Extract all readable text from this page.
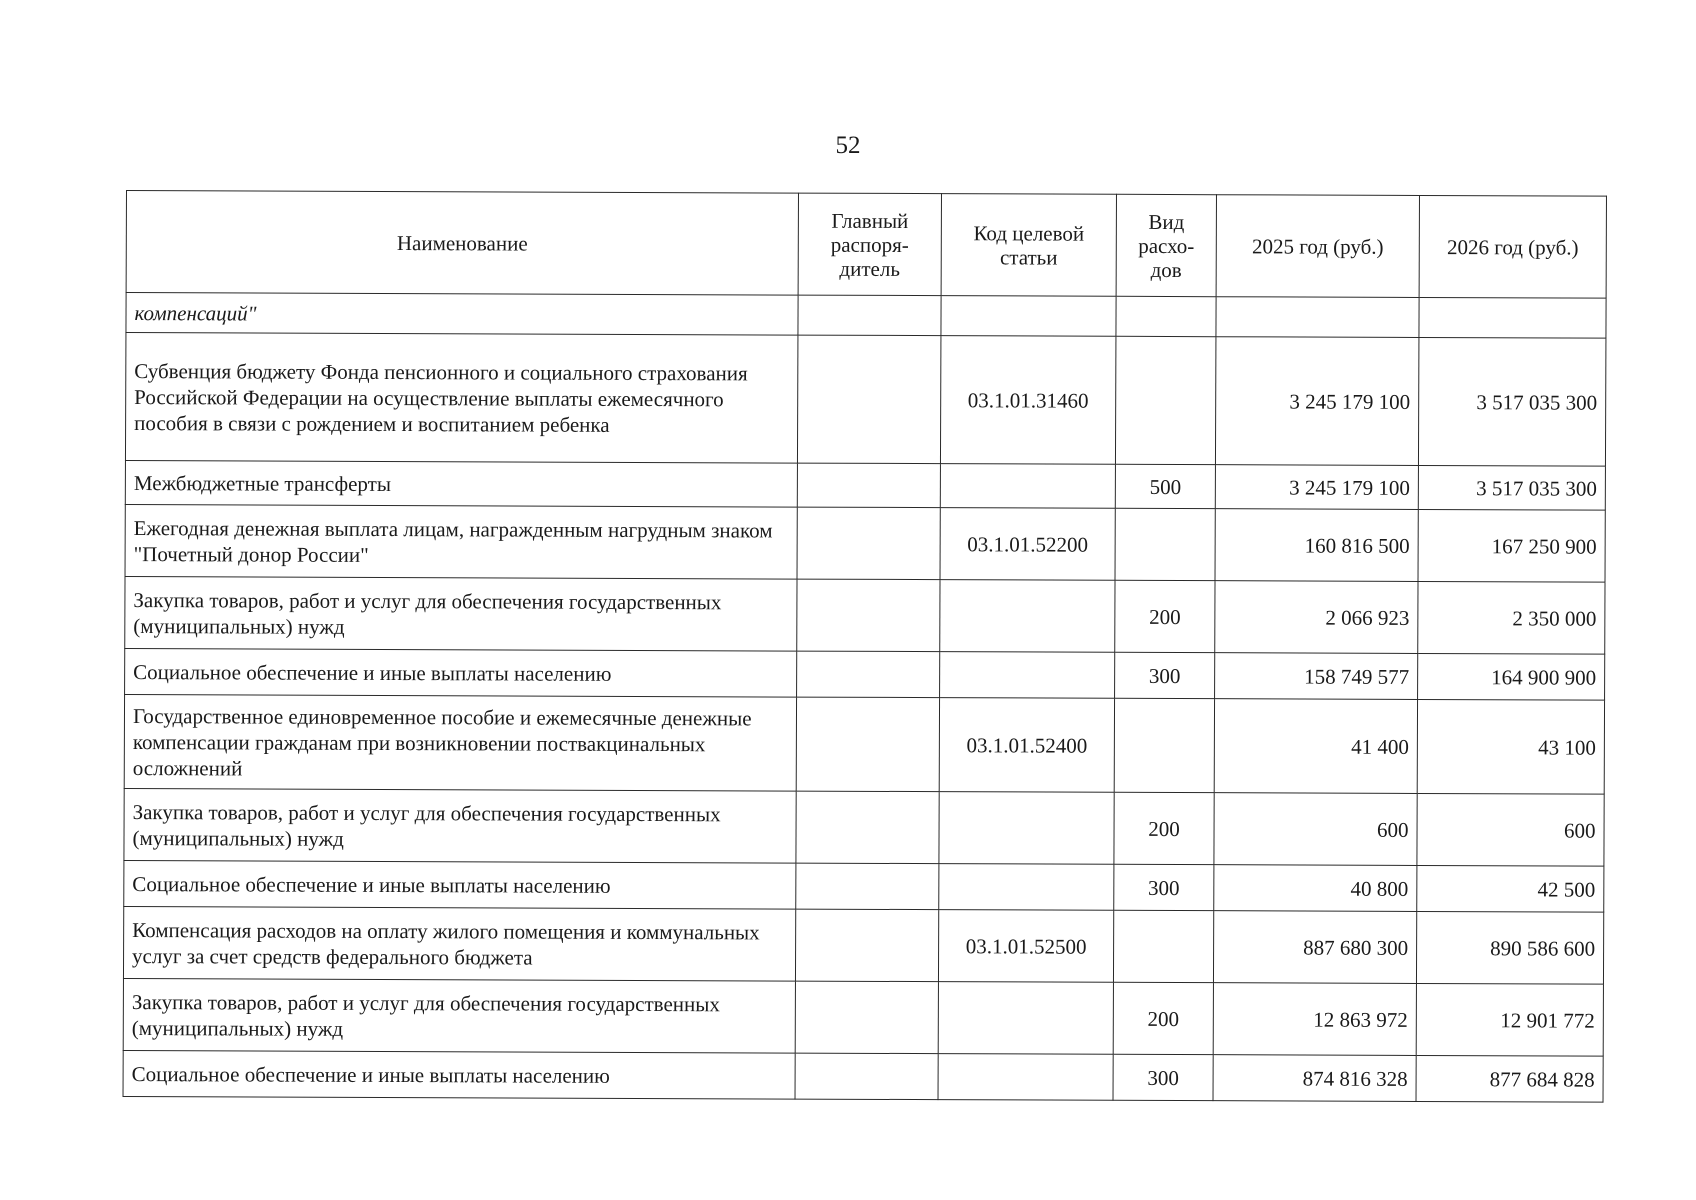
52
Наименование	Главный распоря-дитель	Код целевой статьи	Вид расхо-дов	2025 год (руб.)	2026 год (руб.)
компенсаций"					
Субвенция бюджету Фонда пенсионного и социального страхования Российской Федерации на осуществление выплаты ежемесячного пособия в связи с рождением и воспитанием ребенка		03.1.01.31460		3 245 179 100	3 517 035 300
Межбюджетные трансферты			500	3 245 179 100	3 517 035 300
Ежегодная денежная выплата лицам, награжденным нагрудным знаком "Почетный донор России"		03.1.01.52200		160 816 500	167 250 900
Закупка товаров, работ и услуг для обеспечения государственных (муниципальных) нужд			200	2 066 923	2 350 000
Социальное обеспечение и иные выплаты населению			300	158 749 577	164 900 900
Государственное единовременное пособие и ежемесячные денежные компенсации гражданам при возникновении поствакцинальных осложнений		03.1.01.52400		41 400	43 100
Закупка товаров, работ и услуг для обеспечения государственных (муниципальных) нужд			200	600	600
Социальное обеспечение и иные выплаты населению			300	40 800	42 500
Компенсация расходов на оплату жилого помещения и коммунальных услуг за счет средств федерального бюджета		03.1.01.52500		887 680 300	890 586 600
Закупка товаров, работ и услуг для обеспечения государственных (муниципальных) нужд			200	12 863 972	12 901 772
Социальное обеспечение и иные выплаты населению			300	874 816 328	877 684 828
